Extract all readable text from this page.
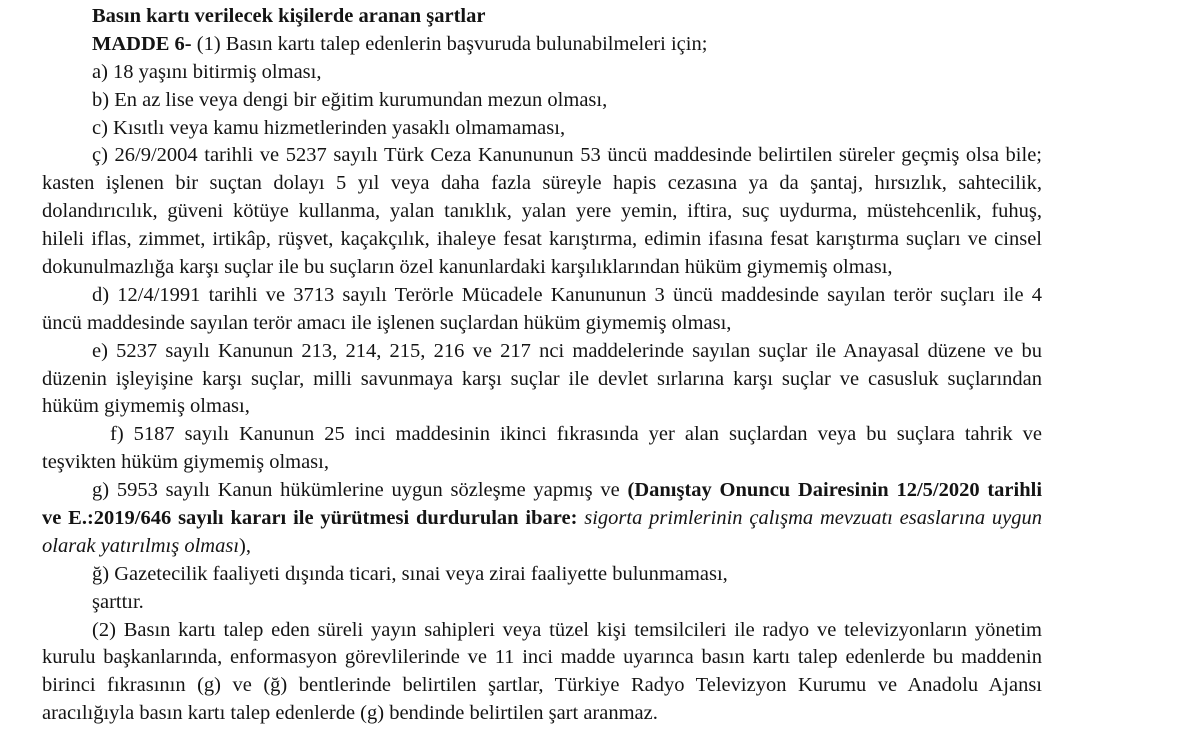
Basın kartı verilecek kişilerde aranan şartlar
MADDE 6- (1) Basın kartı talep edenlerin başvuruda bulunabilmeleri için;
a) 18 yaşını bitirmiş olması,
b) En az lise veya dengi bir eğitim kurumundan mezun olması,
c) Kısıtlı veya kamu hizmetlerinden yasaklı olmamaması,
ç) 26/9/2004 tarihli ve 5237 sayılı Türk Ceza Kanununun 53 üncü maddesinde belirtilen süreler geçmiş olsa bile;
kasten işlenen bir suçtan dolayı 5 yıl veya daha fazla süreyle hapis cezasına ya da şantaj, hırsızlık, sahtecilik,
dolandırıcılık, güveni kötüye kullanma, yalan tanıklık, yalan yere yemin, iftira, suç uydurma, müstehcenlik, fuhuş,
hileli iflas, zimmet, irtikâp, rüşvet, kaçakçılık, ihaleye fesat karıştırma, edimin ifasına fesat karıştırma suçları ve cinsel
dokunulmazlığa karşı suçlar ile bu suçların özel kanunlardaki karşılıklarından hüküm giymemiş olması,
d) 12/4/1991 tarihli ve 3713 sayılı Terörle Mücadele Kanununun 3 üncü maddesinde sayılan terör suçları ile 4
üncü maddesinde sayılan terör amacı ile işlenen suçlardan hüküm giymemiş olması,
e) 5237 sayılı Kanunun 213, 214, 215, 216 ve 217 nci maddelerinde sayılan suçlar ile Anayasal düzene ve bu
düzenin işleyişine karşı suçlar, milli savunmaya karşı suçlar ile devlet sırlarına karşı suçlar ve casusluk suçlarından
hüküm giymemiş olması,
f) 5187 sayılı Kanunun 25 inci maddesinin ikinci fıkrasında yer alan suçlardan veya bu suçlara tahrik ve
teşvikten hüküm giymemiş olması,
g) 5953 sayılı Kanun hükümlerine uygun sözleşme yapmış ve (Danıştay Onuncu Dairesinin 12/5/2020 tarihli
ve E.:2019/646 sayılı kararı ile yürütmesi durdurulan ibare: sigorta primlerinin çalışma mevzuatı esaslarına uygun
olarak yatırılmış olması),
ğ) Gazetecilik faaliyeti dışında ticari, sınai veya zirai faaliyette bulunmaması,
şarttır.
(2) Basın kartı talep eden süreli yayın sahipleri veya tüzel kişi temsilcileri ile radyo ve televizyonların yönetim
kurulu başkanlarında, enformasyon görevlilerinde ve 11 inci madde uyarınca basın kartı talep edenlerde bu maddenin
birinci fıkrasının (g) ve (ğ) bentlerinde belirtilen şartlar, Türkiye Radyo Televizyon Kurumu ve Anadolu Ajansı
aracılığıyla basın kartı talep edenlerde (g) bendinde belirtilen şart aranmaz.
